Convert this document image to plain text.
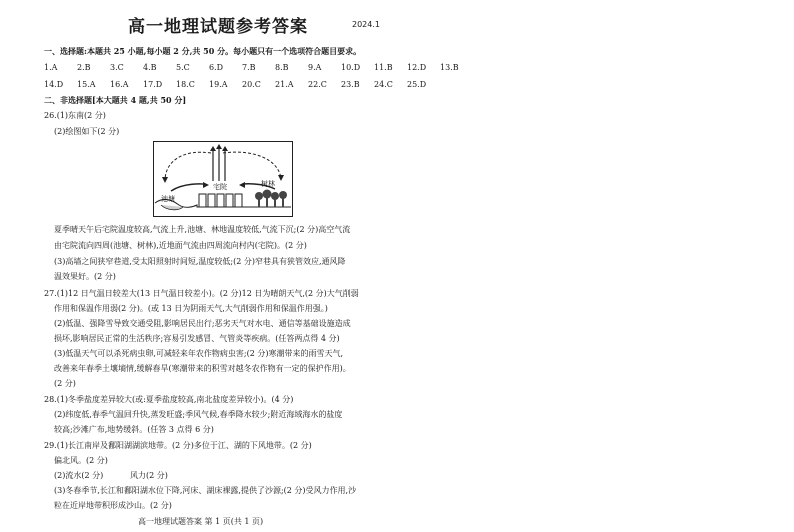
高一地理试题参考答案	2024.1
一、选择题:本题共 25 小题,每小题 2 分,共 50 分。每小题只有一个选项符合题目要求。
1.A 2.B 3.C 4.B 5.C 6.D 7.B 8.B 9.A 10.D 11.B 12.D 13.B
14.D 15.A 16.A 17.D 18.C 19.A 20.C 21.A 22.C 23.B 24.C 25.D
二、非选择题[本大题共 4 题,共 50 分]
26.(1)东南(2 分)
(2)绘图如下(2 分)
池塘
宅院	树林
夏季晴天午后宅院温度较高,气流上升,池塘、林地温度较低,气流下沉;(2 分)高空气流
由宅院流向四周(池塘、树林),近地面气流由四周流向村内(宅院)。(2 分)
(3)高墙之间狭窄巷道,受太阳照射时间短,温度较低;(2 分)窄巷具有狭管效应,通风降
温效果好。(2 分)
27.(1)12 日气温日较差大(13 日气温日较差小)。(2 分)12 日为晴朗天气,(2 分)大气削弱
作用和保温作用弱(2 分)。(或 13 日为阴雨天气,大气削弱作用和保温作用强。)
(2)低温、强降雪导致交通受阻,影响居民出行;恶劣天气对水电、通信等基础设施造成
损坏,影响居民正常的生活秩序;容易引发感冒、气管炎等疾病。(任答两点得 4 分)
(3)低温天气可以杀死病虫卵,可减轻来年农作物病虫害;(2 分)寒潮带来的雨雪天气,
改善来年春季土壤墒情,缓解春旱(寒潮带来的积雪对越冬农作物有一定的保护作用)。
(2 分)
28.(1)冬季盐度差异较大(或:夏季盐度较高,南北盐度差异较小)。(4 分)
(2)纬度低,春季气温回升快,蒸发旺盛;季风气候,春季降水较少;附近海域海水的盐度
较高;沙滩广布,地势缓斜。(任答 3 点得 6 分)
29.(1)长江南岸及鄱阳湖湖滨地带。(2 分)多位于江、湖的下风地带。(2 分)
偏北风。(2 分)
(2)流水(2 分)	风力(2 分)
(3)冬春季节,长江和鄱阳湖水位下降,河床、湖床裸露,提供了沙源;(2 分)受风力作用,沙
粒在近岸地带积形成沙山。(2 分)
高一地理试题答案 第 1 页(共 1 页)
